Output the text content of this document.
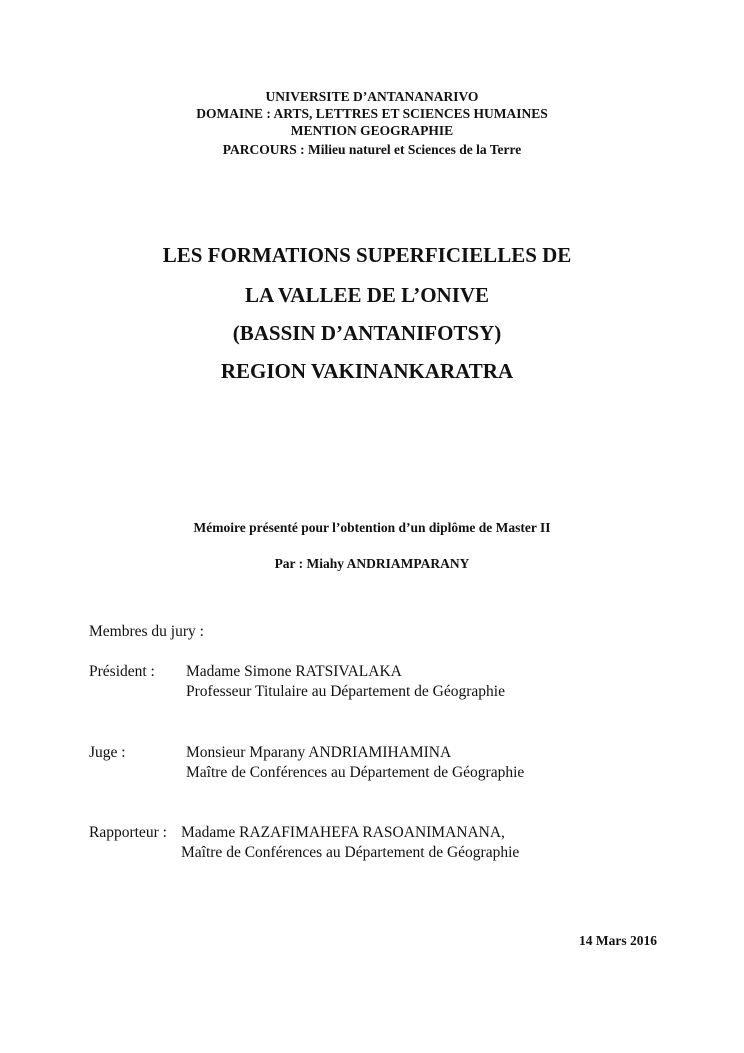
UNIVERSITE D’ANTANANARIVO
DOMAINE : ARTS, LETTRES ET SCIENCES HUMAINES
MENTION GEOGRAPHIE
PARCOURS : Milieu naturel et Sciences de la Terre
LES FORMATIONS SUPERFICIELLES DE
LA VALLEE DE L’ONIVE
(BASSIN D’ANTANIFOTSY)
REGION VAKINANKARATRA
Mémoire présenté pour l’obtention d’un diplôme de Master II
Par : Miahy ANDRIAMPARANY
Membres du jury :
Président : Madame Simone RATSIVALAKA
Professeur Titulaire au Département de Géographie
Juge :	Monsieur Mparany ANDRIAMIHAMINA
Maître de Conférences au Département de Géographie
Rapporteur : Madame RAZAFIMAHEFA RASOANIMANANA,
Maître de Conférences au Département de Géographie
14 Mars 2016
